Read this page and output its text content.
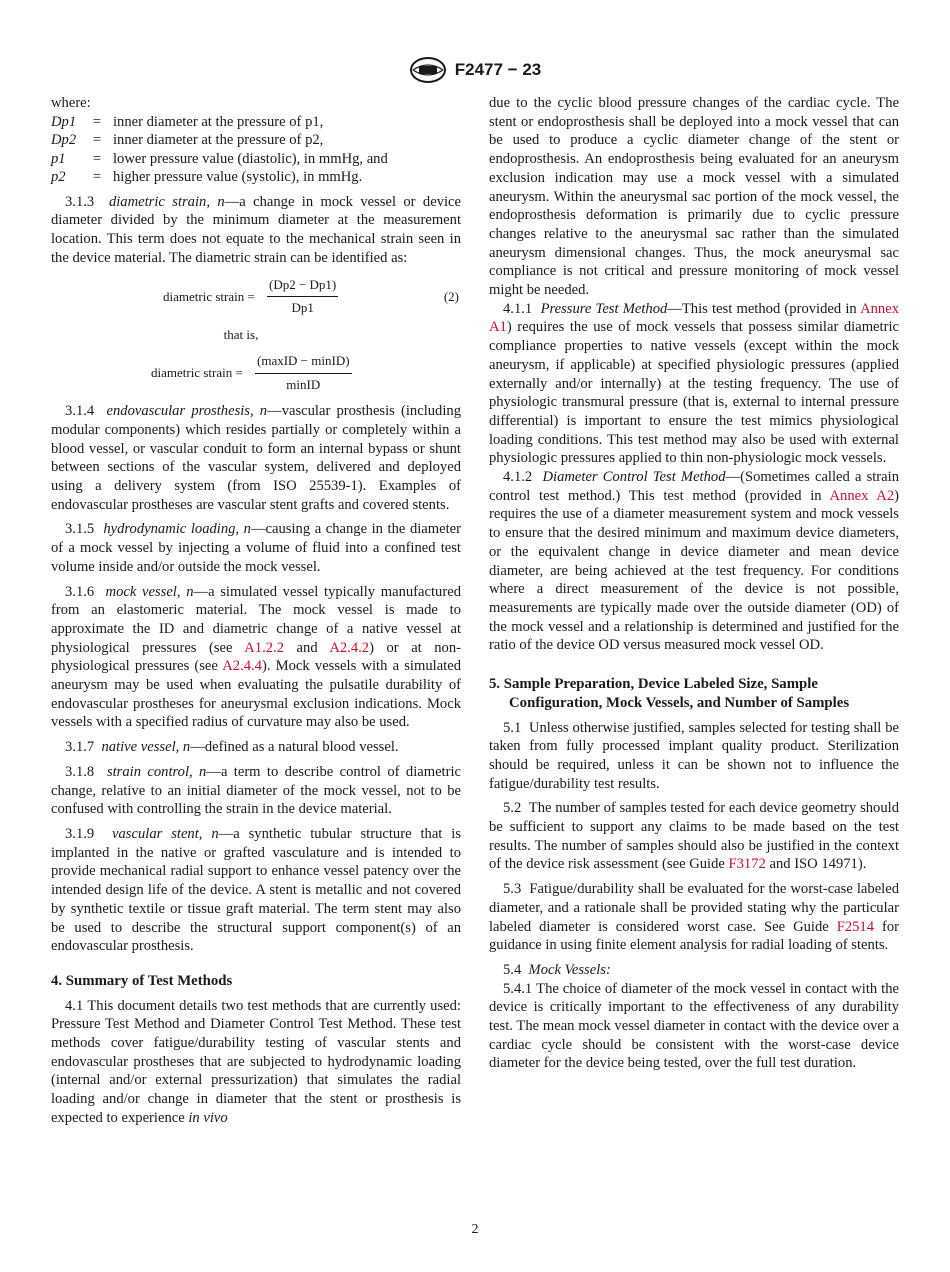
F2477 − 23

where:

Dp1	=	inner diameter at the pressure of p1,
Dp2	=	inner diameter at the pressure of p2,
p1	=	lower pressure value (diastolic), in mmHg, and
p2	=	higher pressure value (systolic), in mmHg.

3.1.3 diametric strain, n—a change in mock vessel or device diameter divided by the minimum diameter at the measurement location. This term does not equate to the mechanical strain seen in the device material. The diametric strain can be identified as:

diametric strain = $\frac{(Dp2 - Dp1)}{Dp1}$	(2)
that is,
diametric strain =
(maxID − minID)
minID

3.1.4 endovascular prosthesis, n—vascular prosthesis (including modular components) which resides partially or completely within a blood vessel, or vascular conduit to form an internal bypass or shunt between sections of the vascular system, delivered and deployed using a delivery system (from ISO 25539-1). Examples of endovascular prostheses are vascular stent grafts and covered stents.

3.1.5 hydrodynamic loading, n—causing a change in the diameter of a mock vessel by injecting a volume of fluid into a confined test volume inside and/or outside the mock vessel.

3.1.6 mock vessel, n—a simulated vessel typically manufactured from an elastomeric material. The mock vessel is made to approximate the ID and diametric change of a native vessel at physiological pressures (see A1.2.2 and A2.4.2) or at non-physiological pressures (see A2.4.4). Mock vessels with a simulated aneurysm may be used when evaluating the pulsatile durability of endovascular prostheses for aneurysmal exclusion indications. Mock vessels with a specified radius of curvature may also be used.

3.1.7 native vessel, n—defined as a natural blood vessel.

3.1.8 strain control, n—a term to describe control of diametric change, relative to an initial diameter of the mock vessel, not to be confused with controlling the strain in the device material.

3.1.9 vascular stent, n—a synthetic tubular structure that is implanted in the native or grafted vasculature and is intended to provide mechanical radial support to enhance vessel patency over the intended design life of the device. A stent is metallic and not covered by synthetic textile or tissue graft material. The term stent may also be used to describe the structural support component(s) of an endovascular prosthesis.

4. Summary of Test Methods

4.1 This document details two test methods that are currently used: Pressure Test Method and Diameter Control Test Method. These test methods cover fatigue/durability testing of vascular stents and endovascular prostheses that are subjected to hydrodynamic loading (internal and/or external pressurization) that simulates the radial loading and/or change in diameter that the stent or prosthesis is expected to experience in vivo

due to the cyclic blood pressure changes of the cardiac cycle. The stent or endoprosthesis shall be deployed into a mock vessel that can be used to produce a cyclic diameter change of the stent or endoprosthesis. An endoprosthesis being evaluated for an aneurysm exclusion indication may use a mock vessel with a simulated aneurysm. Within the aneurysmal sac portion of the mock vessel, the endoprosthesis deformation is primarily due to cyclic pressure changes relative to the aneurysmal sac rather than the simulated aneurysm dimensional changes. Thus, the mock aneurysmal sac compliance is not critical and pressure monitoring of mock vessel might be needed.

4.1.1 Pressure Test Method—This test method (provided in Annex A1) requires the use of mock vessels that possess similar diametric compliance properties to native vessels (except within the mock aneurysm, if applicable) at specified physiologic pressures (applied externally and/or internally) at the testing frequency. The use of physiologic transmural pressure (that is, external to internal pressure differential) is important to ensure the test mimics physiological loading conditions. This test method may also be used with external physiologic pressures applied to thin non-physiologic mock vessels.

4.1.2 Diameter Control Test Method—(Sometimes called a strain control test method.) This test method (provided in Annex A2) requires the use of a diameter measurement system and mock vessels to ensure that the desired minimum and maximum device diameters, or the equivalent change in device diameter and mean device diameter, are being achieved at the test frequency. For conditions where a direct measurement of the device is not possible, measurements are typically made over the outside diameter (OD) of the mock vessel and a relationship is determined and justified for the ratio of the device OD versus measured mock vessel OD.

5. Sample Preparation, Device Labeled Size, Sample Configuration, Mock Vessels, and Number of Samples

5.1 Unless otherwise justified, samples selected for testing shall be taken from fully processed implant quality product. Sterilization should be required, unless it can be shown not to influence the fatigue/durability test results.

5.2 The number of samples tested for each device geometry should be sufficient to support any claims to be made based on the test results. The number of samples should also be justified in the context of the device risk assessment (see Guide F3172 and ISO 14971).

5.3 Fatigue/durability shall be evaluated for the worst-case labeled diameter, and a rationale shall be provided stating why the particular labeled diameter is considered worst case. See Guide F2514 for guidance in using finite element analysis for radial loading of stents.

5.4 Mock Vessels:

5.4.1 The choice of diameter of the mock vessel in contact with the device is critically important to the effectiveness of any durability test. The mean mock vessel diameter in contact with the device over a cardiac cycle should be consistent with the worst-case device diameter for the device being tested, over the full test duration.

2
